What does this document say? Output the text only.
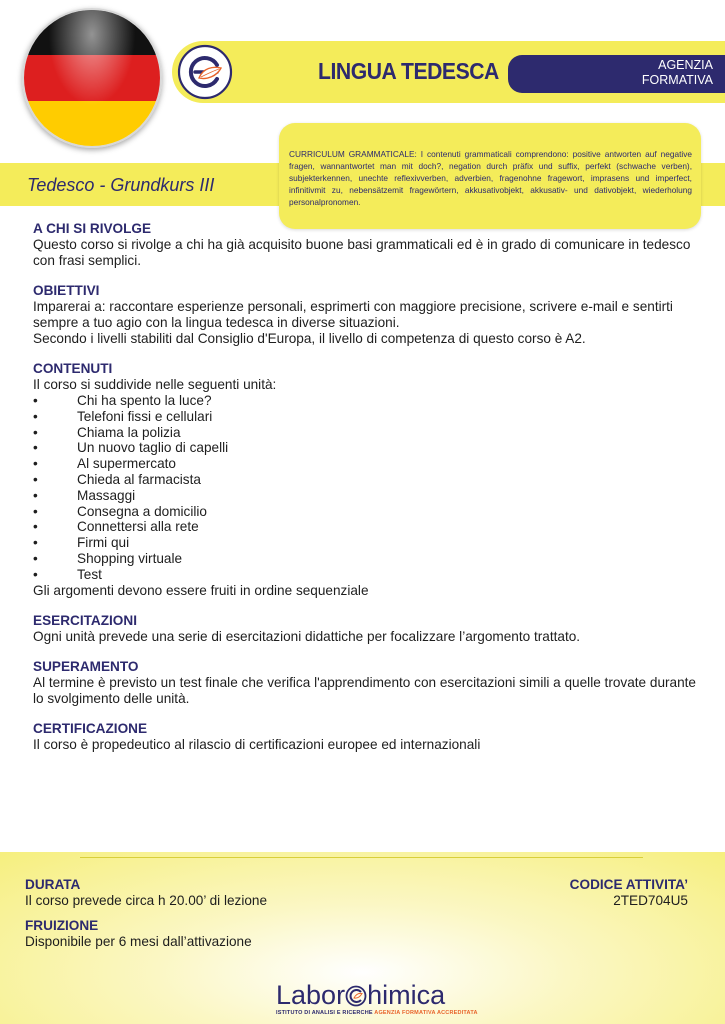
LINGUA TEDESCA	AGENZIA
FORMATIVA
Tedesco - Grundkurs III
CURRICULUM GRAMMATICALE: I contenuti grammaticali comprendono: positive antworten auf negative fragen, wannantwortet man mit doch?, negation durch präfix und suffix, perfekt (schwache verben), subjekterkennen, unechte reflexivverben, adverbien, fragenohne fragewort, imprasens und imperfect, infinitivmit zu, nebensätzemit fragewörtern, akkusativobjekt, akkusativ- und dativobjekt, wiederholung personalpronomen.
A CHI SI RIVOLGE

Questo corso si rivolge a chi ha già acquisito buone basi grammaticali ed è in grado di comunicare in tedesco con frasi semplici.

OBIETTIVI

Imparerai a: raccontare esperienze personali, esprimerti con maggiore precisione, scrivere e-mail e sentirti sempre a tuo agio con la lingua tedesca in diverse situazioni.

Secondo i livelli stabiliti dal Consiglio d'Europa, il livello di competenza di questo corso è A2.

CONTENUTI

Il corso si suddivide nelle seguenti unità:

•	Chi ha spento la luce?
•	Telefoni fissi e cellulari
•	Chiama la polizia
•	Un nuovo taglio di capelli
•	Al supermercato
•	Chieda al farmacista
•	Massaggi
•	Consegna a domicilio
•	Connettersi alla rete
•	Firmi qui
•	Shopping virtuale
•	Test

Gli argomenti devono essere fruiti in ordine sequenziale

ESERCITAZIONI

Ogni unità prevede una serie di esercitazioni didattiche per focalizzare l’argomento trattato.

SUPERAMENTO

Al termine è previsto un test finale che verifica l'apprendimento con esercitazioni simili a quelle trovate durante lo svolgimento delle unità.

CERTIFICAZIONE

Il corso è propedeutico al rilascio di certificazioni europee ed internazionali

DURATA
Il corso prevede circa h 20.00’ di lezione
FRUIZIONE
Disponibile per 6 mesi dall’attivazione
CODICE ATTIVITA’
2TED704U5
Labor himica
ISTITUTO DI ANALISI E RICERCHE AGENZIA FORMATIVA ACCREDITATA
